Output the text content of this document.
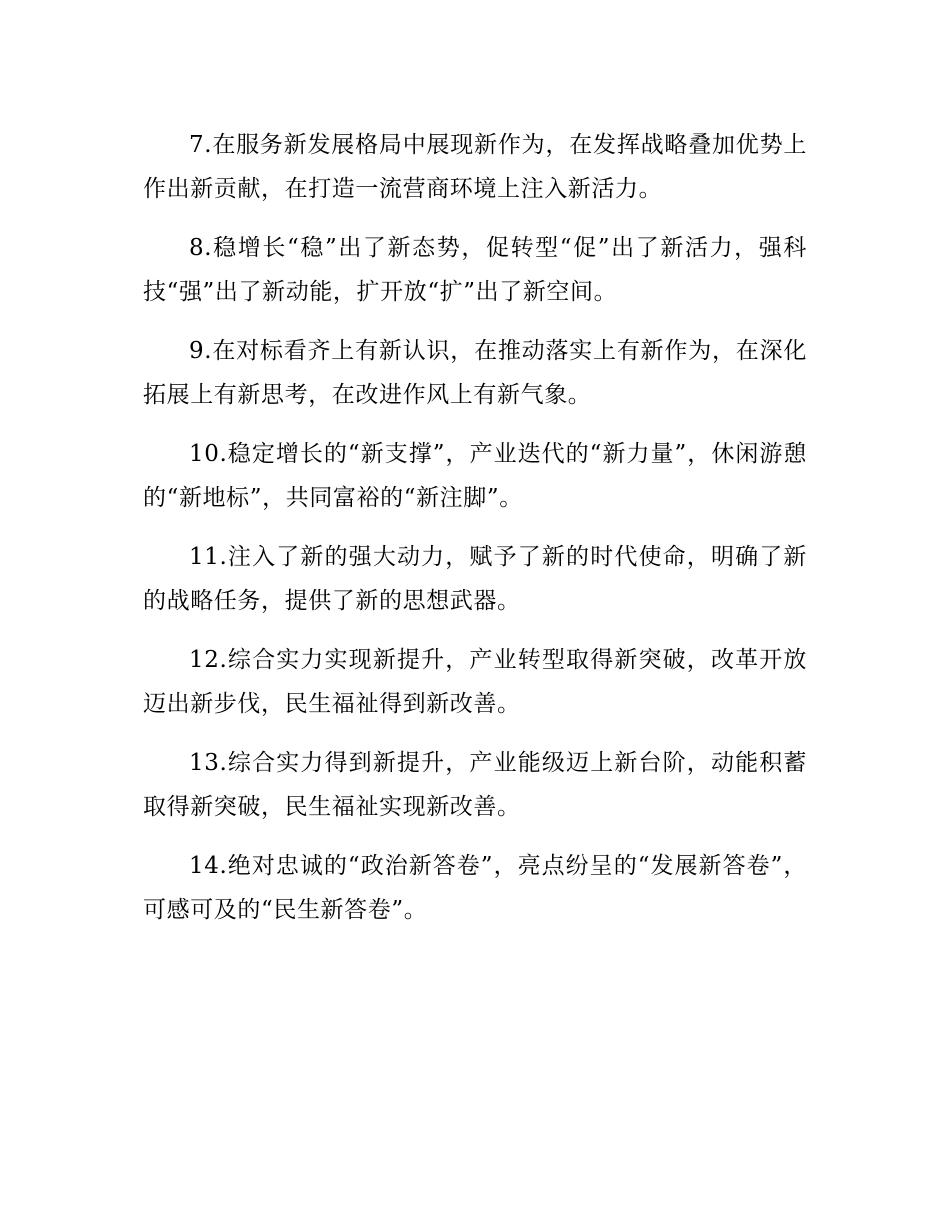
7.在服务新发展格局中展现新作为，在发挥战略叠加优势上作出新贡献，在打造一流营商环境上注入新活力。

8.稳增长“稳”出了新态势，促转型“促”出了新活力，强科技“强”出了新动能，扩开放“扩”出了新空间。

9.在对标看齐上有新认识，在推动落实上有新作为，在深化拓展上有新思考，在改进作风上有新气象。

10.稳定增长的“新支撑”，产业迭代的“新力量”，休闲游憩的“新地标”，共同富裕的“新注脚”。

11.注入了新的强大动力，赋予了新的时代使命，明确了新的战略任务，提供了新的思想武器。

12.综合实力实现新提升，产业转型取得新突破，改革开放迈出新步伐，民生福祉得到新改善。

13.综合实力得到新提升，产业能级迈上新台阶，动能积蓄取得新突破，民生福祉实现新改善。

14.绝对忠诚的“政治新答卷”，亮点纷呈的“发展新答卷”，可感可及的“民生新答卷”。
